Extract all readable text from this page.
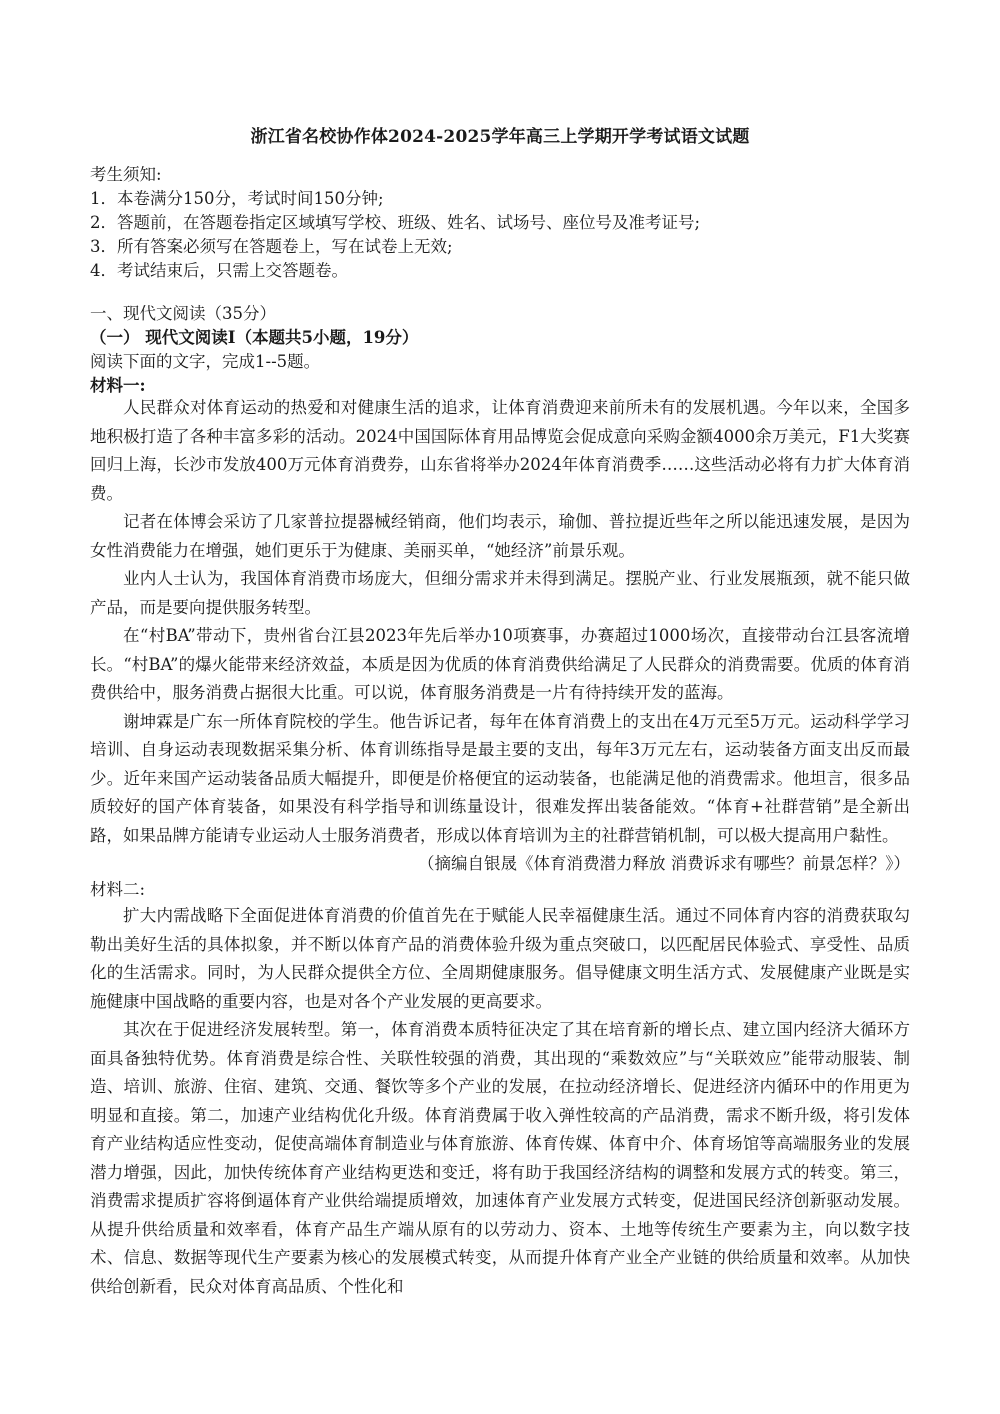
浙江省名校协作体2024-2025学年高三上学期开学考试语文试题
考生须知:
1．本卷满分150分，考试时间150分钟;
2．答题前，在答题卷指定区域填写学校、班级、姓名、试场号、座位号及准考证号;
3．所有答案必须写在答题卷上，写在试卷上无效;
4．考试结束后，只需上交答题卷。
一、现代文阅读（35分）
（一） 现代文阅读Ⅰ（本题共5小题，19分）
阅读下面的文字，完成1--5题。
材料一:

人民群众对体育运动的热爱和对健康生活的追求，让体育消费迎来前所未有的发展机遇。今年以来，全国多地积极打造了各种丰富多彩的活动。2024中国国际体育用品博览会促成意向采购金额4000余万美元，F1大奖赛回归上海，长沙市发放400万元体育消费券，山东省将举办2024年体育消费季……这些活动必将有力扩大体育消费。

记者在体博会采访了几家普拉提器械经销商，他们均表示，瑜伽、普拉提近些年之所以能迅速发展，是因为女性消费能力在增强，她们更乐于为健康、美丽买单，“她经济”前景乐观。

业内人士认为，我国体育消费市场庞大，但细分需求并未得到满足。摆脱产业、行业发展瓶颈，就不能只做产品，而是要向提供服务转型。

在“村BA”带动下，贵州省台江县2023年先后举办10项赛事，办赛超过1000场次，直接带动台江县客流增长。“村BA”的爆火能带来经济效益，本质是因为优质的体育消费供给满足了人民群众的消费需要。优质的体育消费供给中，服务消费占据很大比重。可以说，体育服务消费是一片有待持续开发的蓝海。

谢坤霖是广东一所体育院校的学生。他告诉记者，每年在体育消费上的支出在4万元至5万元。运动科学学习培训、自身运动表现数据采集分析、体育训练指导是最主要的支出，每年3万元左右，运动装备方面支出反而最少。近年来国产运动装备品质大幅提升，即便是价格便宜的运动装备，也能满足他的消费需求。他坦言，很多品质较好的国产体育装备，如果没有科学指导和训练量设计，很难发挥出装备能效。“体育+社群营销”是全新出路，如果品牌方能请专业运动人士服务消费者，形成以体育培训为主的社群营销机制，可以极大提高用户黏性。

（摘编自银晟《体育消费潜力释放 消费诉求有哪些？前景怎样？》）
材料二:

扩大内需战略下全面促进体育消费的价值首先在于赋能人民幸福健康生活。通过不同体育内容的消费获取勾勒出美好生活的具体拟象，并不断以体育产品的消费体验升级为重点突破口，以匹配居民体验式、享受性、品质化的生活需求。同时，为人民群众提供全方位、全周期健康服务。倡导健康文明生活方式、发展健康产业既是实施健康中国战略的重要内容，也是对各个产业发展的更高要求。

其次在于促进经济发展转型。第一，体育消费本质特征决定了其在培育新的增长点、建立国内经济大循环方面具备独特优势。体育消费是综合性、关联性较强的消费，其出现的“乘数效应”与“关联效应”能带动服装、制造、培训、旅游、住宿、建筑、交通、餐饮等多个产业的发展，在拉动经济增长、促进经济内循环中的作用更为明显和直接。第二，加速产业结构优化升级。体育消费属于收入弹性较高的产品消费，需求不断升级，将引发体育产业结构适应性变动，促使高端体育制造业与体育旅游、体育传媒、体育中介、体育场馆等高端服务业的发展潜力增强，因此，加快传统体育产业结构更迭和变迁，将有助于我国经济结构的调整和发展方式的转变。第三，消费需求提质扩容将倒逼体育产业供给端提质增效，加速体育产业发展方式转变，促进国民经济创新驱动发展。从提升供给质量和效率看，体育产品生产端从原有的以劳动力、资本、土地等传统生产要素为主，向以数字技术、信息、数据等现代生产要素为核心的发展模式转变，从而提升体育产业全产业链的供给质量和效率。从加快供给创新看，民众对体育高品质、个性化和
